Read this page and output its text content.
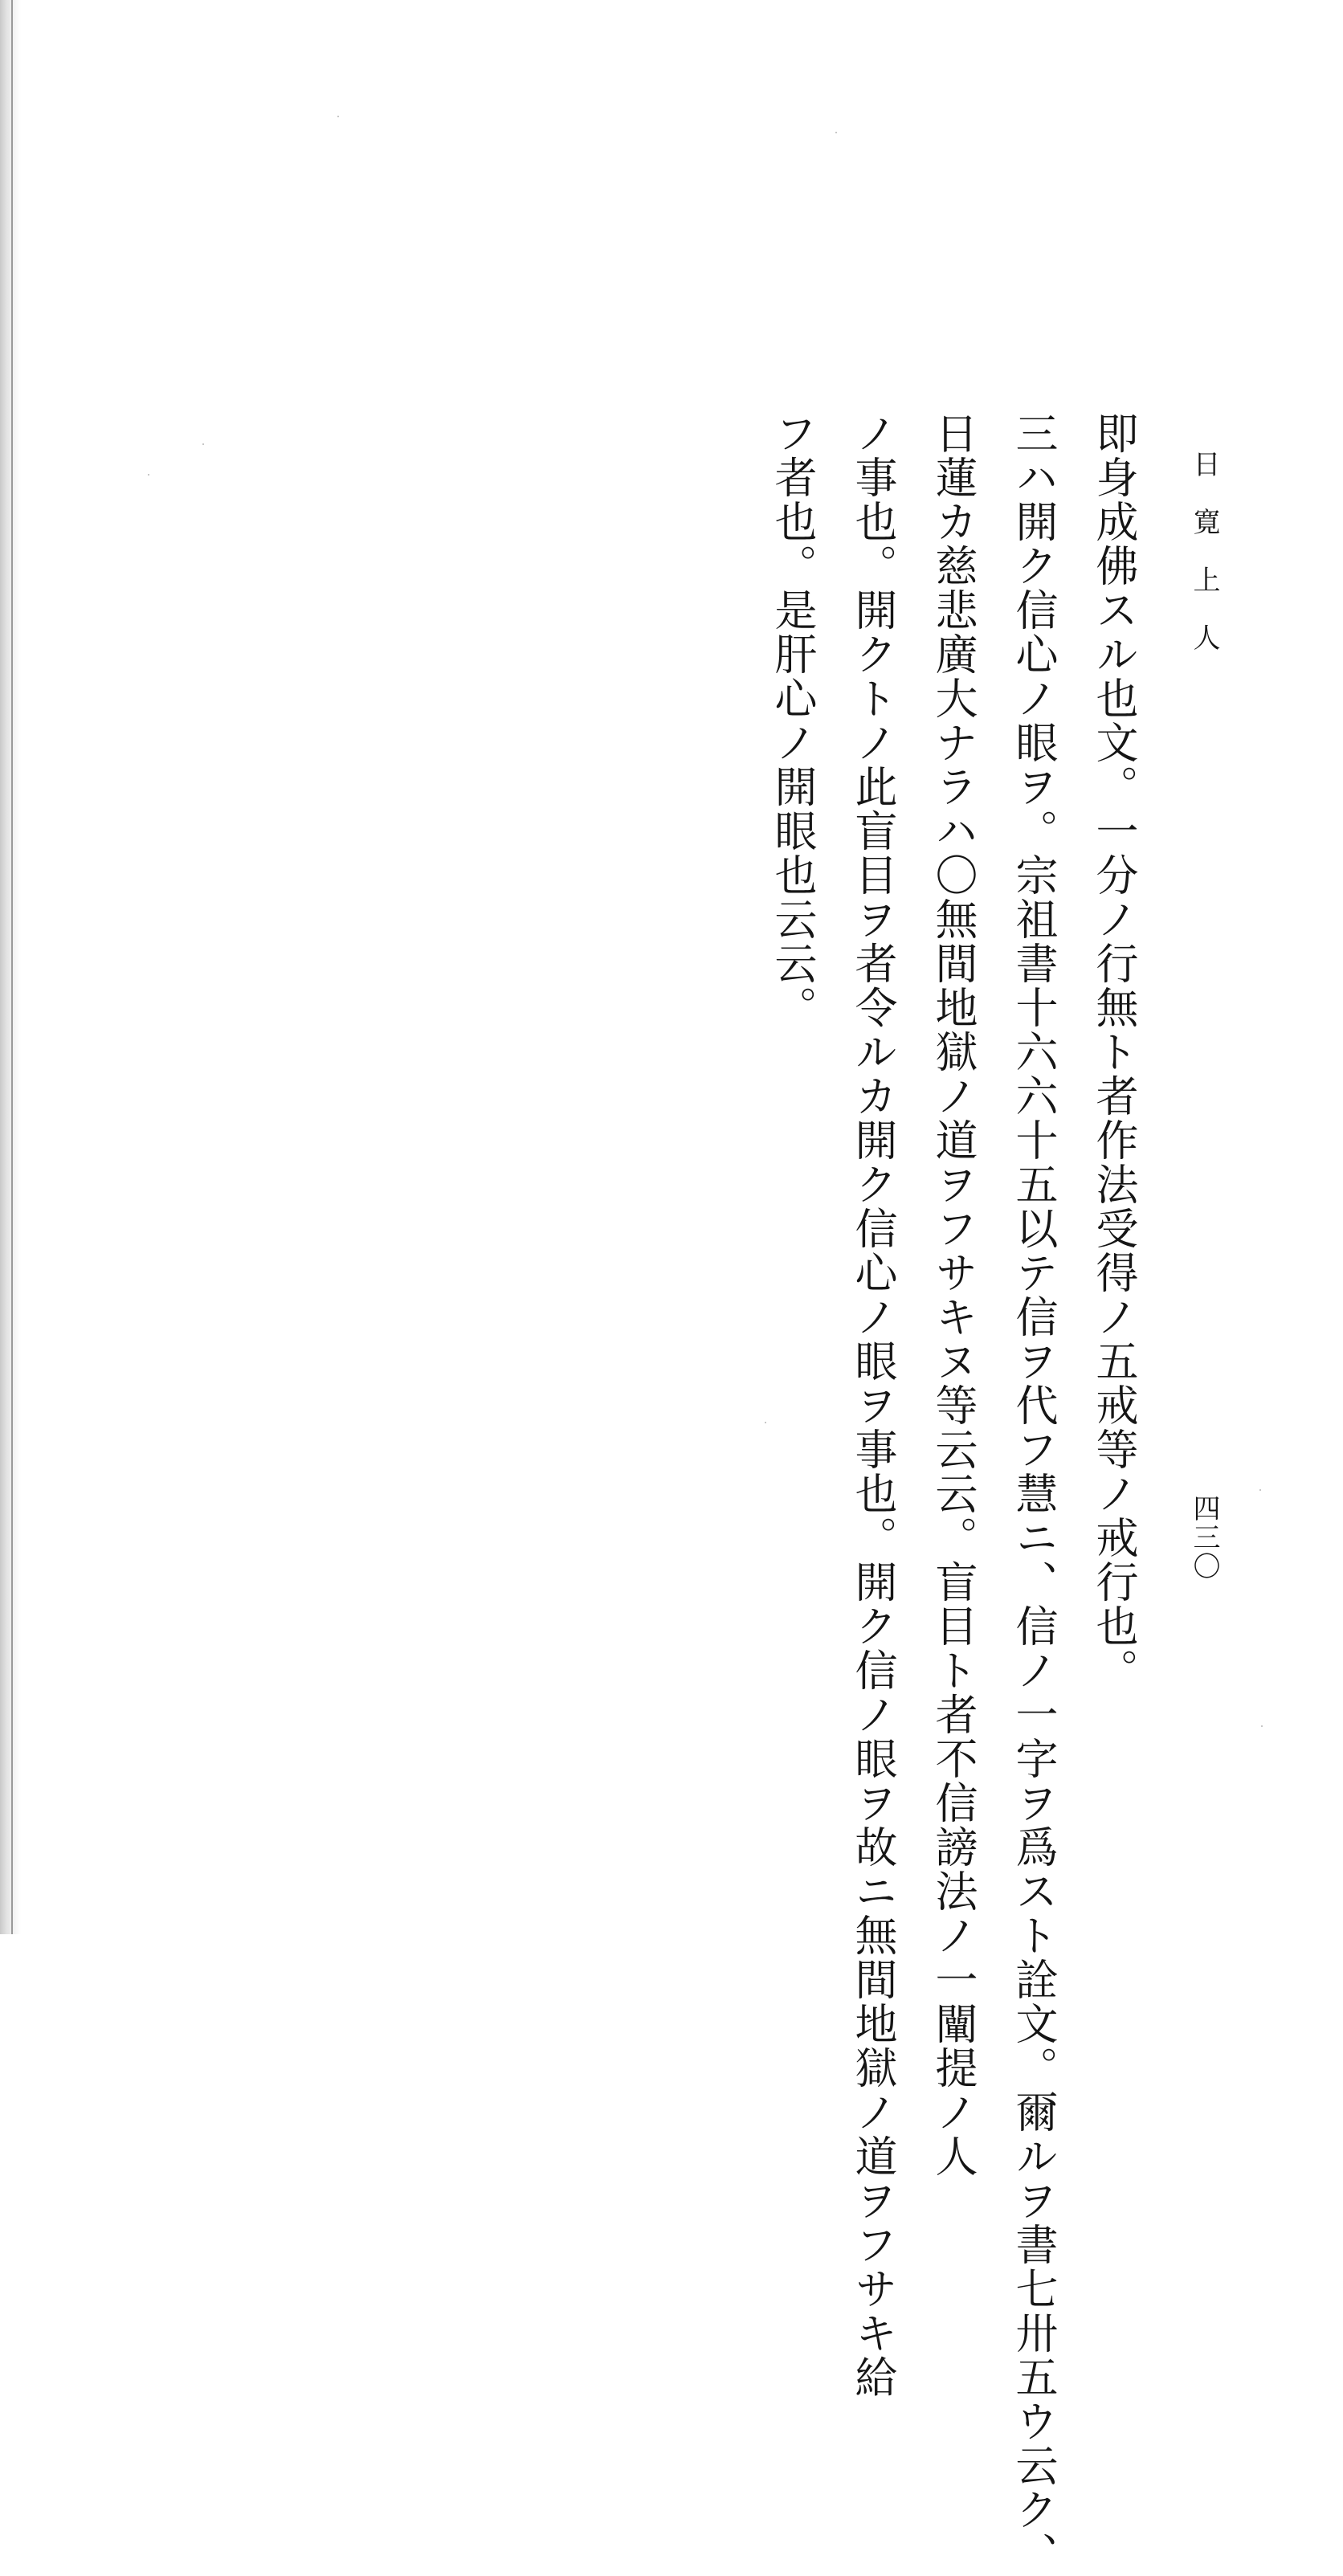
日寛上人
四三〇
即身成佛スル也文。一分ノ行無ト者作法受得ノ五戒等ノ戒行也。
三ハ開ク信心ノ眼ヲ。宗祖書十六六十五以テ信ヲ代フ慧ニ、信ノ一字ヲ爲スト詮文。爾ルヲ書七卅五ウ云ク、
日蓮カ慈悲廣大ナラハ〇無間地獄ノ道ヲフサキヌ等云云。盲目ト者不信謗法ノ一闡提ノ人
ノ事也。開クトノ此盲目ヲ者令ルカ開ク信心ノ眼ヲ事也。開ク信ノ眼ヲ故ニ無間地獄ノ道ヲフサキ給
フ者也。是肝心ノ開眼也云云。
